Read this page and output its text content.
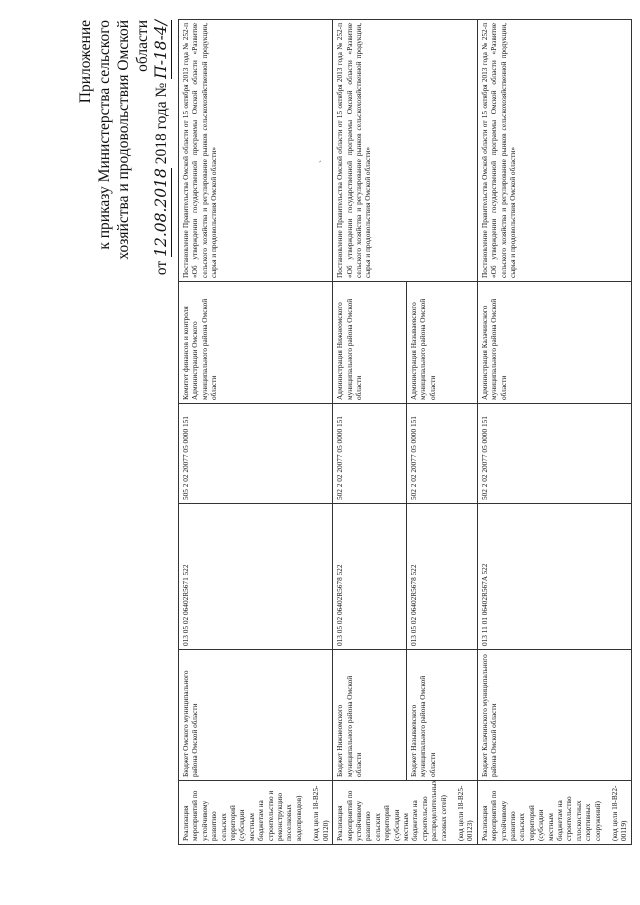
Приложение к приказу Министерства сельского хозяйства и продовольствия Омской области
от 12.08.2018 2018 года № П-18-4/
`
Реализация мероприятий по устойчивому развитию сельских территорий (субсидии местным бюджетам на строительство и реконструкцию поселковых водопроводов) (код цели 18-В25-00120)	Бюджет Омского муниципального района Омской области	013 05 02 06402R5671 522	505 2 02 20077 05 0000 151	Комитет финансов и контроля Администрации Омского муниципального района Омской области	Постановление Правительства Омской области от 15 октября 2013 года № 252-п «Об утверждении государственной программы Омской области «Развитие сельского хозяйства и регулирование рынков сельскохозяйственной продукции, сырья и продовольствия Омской области»
Реализация мероприятий по устойчивому развитию сельских территорий (субсидии местным бюджетам на строительство распределительных газовых сетей) (код цели 18-В25-00123)	Бюджет Нижнеомского муниципального района Омской области	013 05 02 06402R5678 522	502 2 02 20077 05 0000 151	Администрация Нижнеомского муниципального района Омской области	Постановление Правительства Омской области от 15 октября 2013 года № 252-п «Об утверждении государственной программы Омской области «Развитие сельского хозяйства и регулирование рынков сельскохозяйственной продукции, сырья и продовольствия Омской области»
	Бюджет Называевского муниципального района Омской области	013 05 02 06402R5678 522	502 2 02 20077 05 0000 151	Администрация Называевского муниципального района Омской области	
Реализация мероприятий по устойчивому развитию сельских территорий (субсидии местным бюджетам на строительство плоскостных спортивных сооружений) (код цели 18-В22-00119)	Бюджет Калачинского муниципального района Омской области	013 11 01 06402R567A 522	502 2 02 20077 05 0000 151	Администрация Калачинского муниципального района Омской области	Постановление Правительства Омской области от 15 октября 2013 года № 252-п «Об утверждении государственной программы Омской области «Развитие сельского хозяйства и регулирование рынков сельскохозяйственной продукции, сырья и продовольствия Омской области»
